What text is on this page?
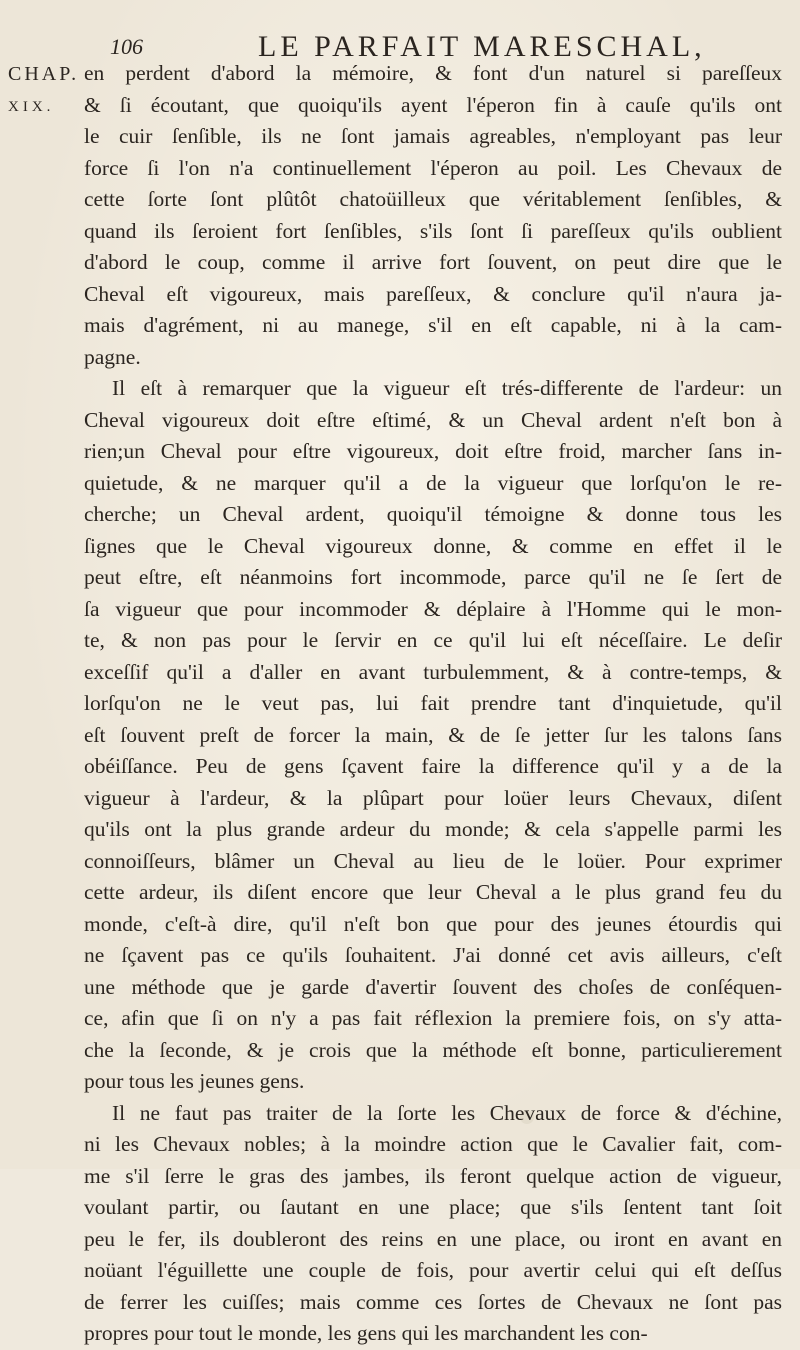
106	LE PARFAIT MARESCHAL,
CHAP.
XIX.
en perdent d'abord la mémoire, & font d'un naturel si pareſſeux
& ſi écoutant, que quoiqu'ils ayent l'éperon fin à cauſe qu'ils ont
le cuir ſenſible, ils ne ſont jamais agreables, n'employant pas leur
force ſi l'on n'a continuellement l'éperon au poil. Les Chevaux de
cette ſorte ſont plûtôt chatoüilleux que véritablement ſenſibles, &
quand ils ſeroient fort ſenſibles, s'ils ſont ſi pareſſeux qu'ils oublient
d'abord le coup, comme il arrive fort ſouvent, on peut dire que le
Cheval eſt vigoureux, mais pareſſeux, & conclure qu'il n'aura ja-
mais d'agrément, ni au manege, s'il en eſt capable, ni à la cam-
pagne.
Il eſt à remarquer que la vigueur eſt trés-differente de l'ardeur: un
Cheval vigoureux doit eſtre eſtimé, & un Cheval ardent n'eſt bon à
rien;un Cheval pour eſtre vigoureux, doit eſtre froid, marcher ſans in-
quietude, & ne marquer qu'il a de la vigueur que lorſqu'on le re-
cherche; un Cheval ardent, quoiqu'il témoigne & donne tous les
ſignes que le Cheval vigoureux donne, & comme en effet il le
peut eſtre, eſt néanmoins fort incommode, parce qu'il ne ſe ſert de
ſa vigueur que pour incommoder & déplaire à l'Homme qui le mon-
te, & non pas pour le ſervir en ce qu'il lui eſt néceſſaire. Le deſir
exceſſif qu'il a d'aller en avant turbulemment, & à contre-temps, &
lorſqu'on ne le veut pas, lui fait prendre tant d'inquietude, qu'il
eſt ſouvent preſt de forcer la main, & de ſe jetter ſur les talons ſans
obéiſſance. Peu de gens ſçavent faire la difference qu'il y a de la
vigueur à l'ardeur, & la plûpart pour loüer leurs Chevaux, diſent
qu'ils ont la plus grande ardeur du monde; & cela s'appelle parmi les
connoiſſeurs, blâmer un Cheval au lieu de le loüer. Pour exprimer
cette ardeur, ils diſent encore que leur Cheval a le plus grand feu du
monde, c'eſt-à dire, qu'il n'eſt bon que pour des jeunes étourdis qui
ne ſçavent pas ce qu'ils ſouhaitent. J'ai donné cet avis ailleurs, c'eſt
une méthode que je garde d'avertir ſouvent des choſes de conſéquen-
ce, afin que ſi on n'y a pas fait réflexion la premiere fois, on s'y atta-
che la ſeconde, & je crois que la méthode eſt bonne, particulierement
pour tous les jeunes gens.
Il ne faut pas traiter de la ſorte les Chevaux de force & d'échine,
ni les Chevaux nobles; à la moindre action que le Cavalier fait, com-
me s'il ſerre le gras des jambes, ils feront quelque action de vigueur,
voulant partir, ou ſautant en une place; que s'ils ſentent tant ſoit
peu le fer, ils doubleront des reins en une place, ou iront en avant en
noüant l'éguillette une couple de fois, pour avertir celui qui eſt deſſus
de ferrer les cuiſſes; mais comme ces ſortes de Chevaux ne ſont pas
propres pour tout le monde, les gens qui les marchandent les con-
